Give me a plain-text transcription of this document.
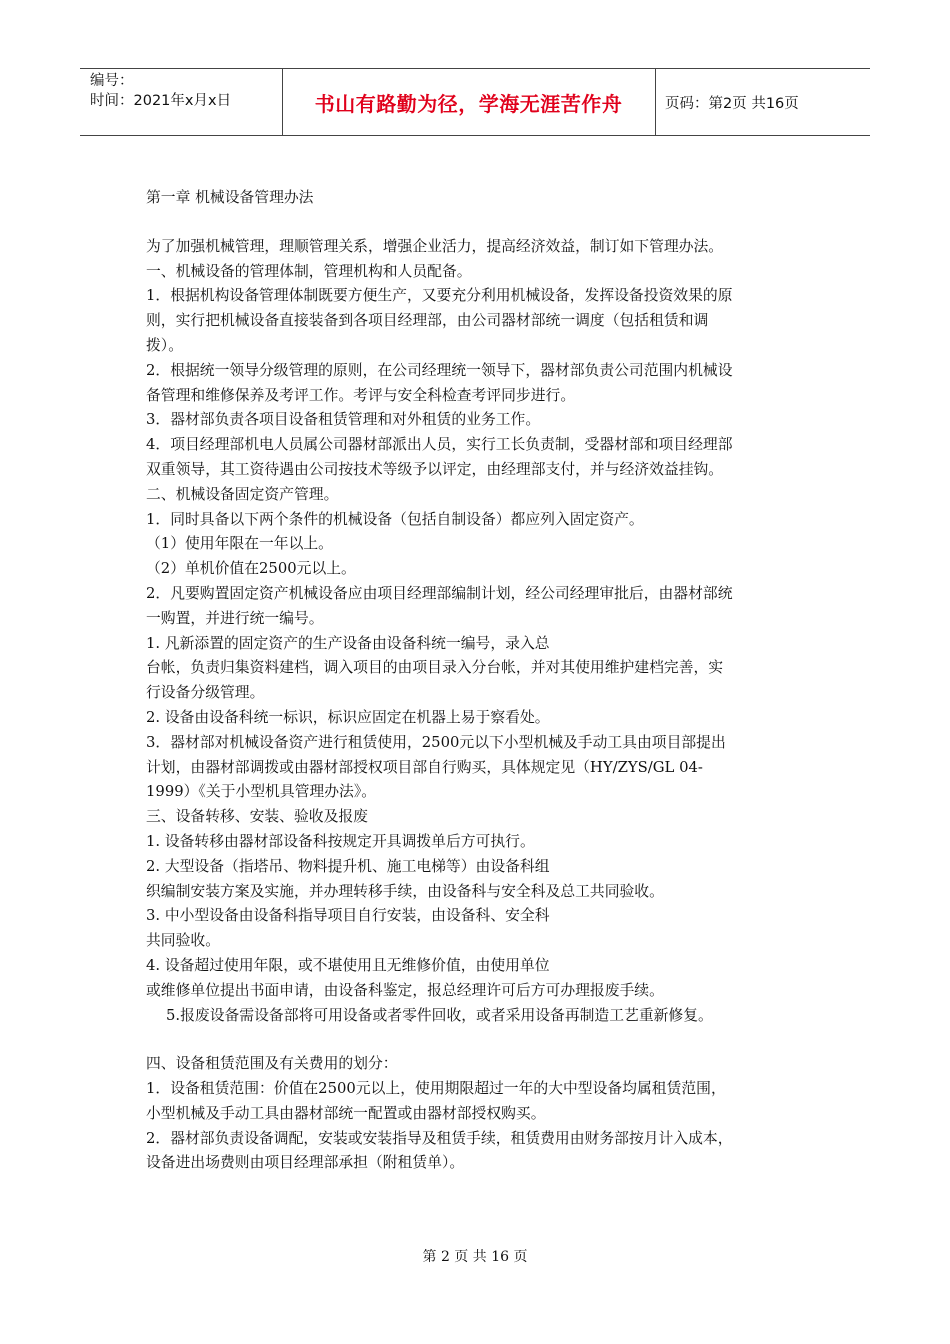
编号：
时间：2021年x月x日	书山有路勤为径，学海无涯苦作舟	页码：第2页 共16页

第一章 机械设备管理办法

为了加强机械管理，理顺管理关系，增强企业活力，提高经济效益，制订如下管理办法。

一、机械设备的管理体制，管理机构和人员配备。

1．根据机构设备管理体制既要方便生产，又要充分利用机械设备，发挥设备投资效果的原

则，实行把机械设备直接装备到各项目经理部，由公司器材部统一调度（包括租赁和调

拨）。

2．根据统一领导分级管理的原则，在公司经理统一领导下，器材部负责公司范围内机械设

备管理和维修保养及考评工作。考评与安全科检查考评同步进行。

3．器材部负责各项目设备租赁管理和对外租赁的业务工作。

4．项目经理部机电人员属公司器材部派出人员，实行工长负责制，受器材部和项目经理部

双重领导，其工资待遇由公司按技术等级予以评定，由经理部支付，并与经济效益挂钩。

二、机械设备固定资产管理。

1．同时具备以下两个条件的机械设备（包括自制设备）都应列入固定资产。

（1）使用年限在一年以上。

（2）单机价值在2500元以上。

2．凡要购置固定资产机械设备应由项目经理部编制计划，经公司经理审批后，由器材部统

一购置，并进行统一编号。

1. 凡新添置的固定资产的生产设备由设备科统一编号，录入总

台帐，负责归集资料建档，调入项目的由项目录入分台帐，并对其使用维护建档完善，实

行设备分级管理。

2. 设备由设备科统一标识，标识应固定在机器上易于察看处。

3．器材部对机械设备资产进行租赁使用，2500元以下小型机械及手动工具由项目部提出

计划，由器材部调拨或由器材部授权项目部自行购买，具体规定见（HY/ZYS/GL 04-

1999）《关于小型机具管理办法》。

三、设备转移、安装、验收及报废

1. 设备转移由器材部设备科按规定开具调拨单后方可执行。

2. 大型设备（指塔吊、物料提升机、施工电梯等）由设备科组

织编制安装方案及实施，并办理转移手续，由设备科与安全科及总工共同验收。

3. 中小型设备由设备科指导项目自行安装，由设备科、安全科

共同验收。

4. 设备超过使用年限，或不堪使用且无维修价值，由使用单位

或维修单位提出书面申请，由设备科鉴定，报总经理许可后方可办理报废手续。

5.报废设备需设备部将可用设备或者零件回收，或者采用设备再制造工艺重新修复。

四、设备租赁范围及有关费用的划分：

1．设备租赁范围：价值在2500元以上，使用期限超过一年的大中型设备均属租赁范围，

小型机械及手动工具由器材部统一配置或由器材部授权购买。

2．器材部负责设备调配，安装或安装指导及租赁手续，租赁费用由财务部按月计入成本，

设备进出场费则由项目经理部承担（附租赁单）。

第 2 页 共 16 页
